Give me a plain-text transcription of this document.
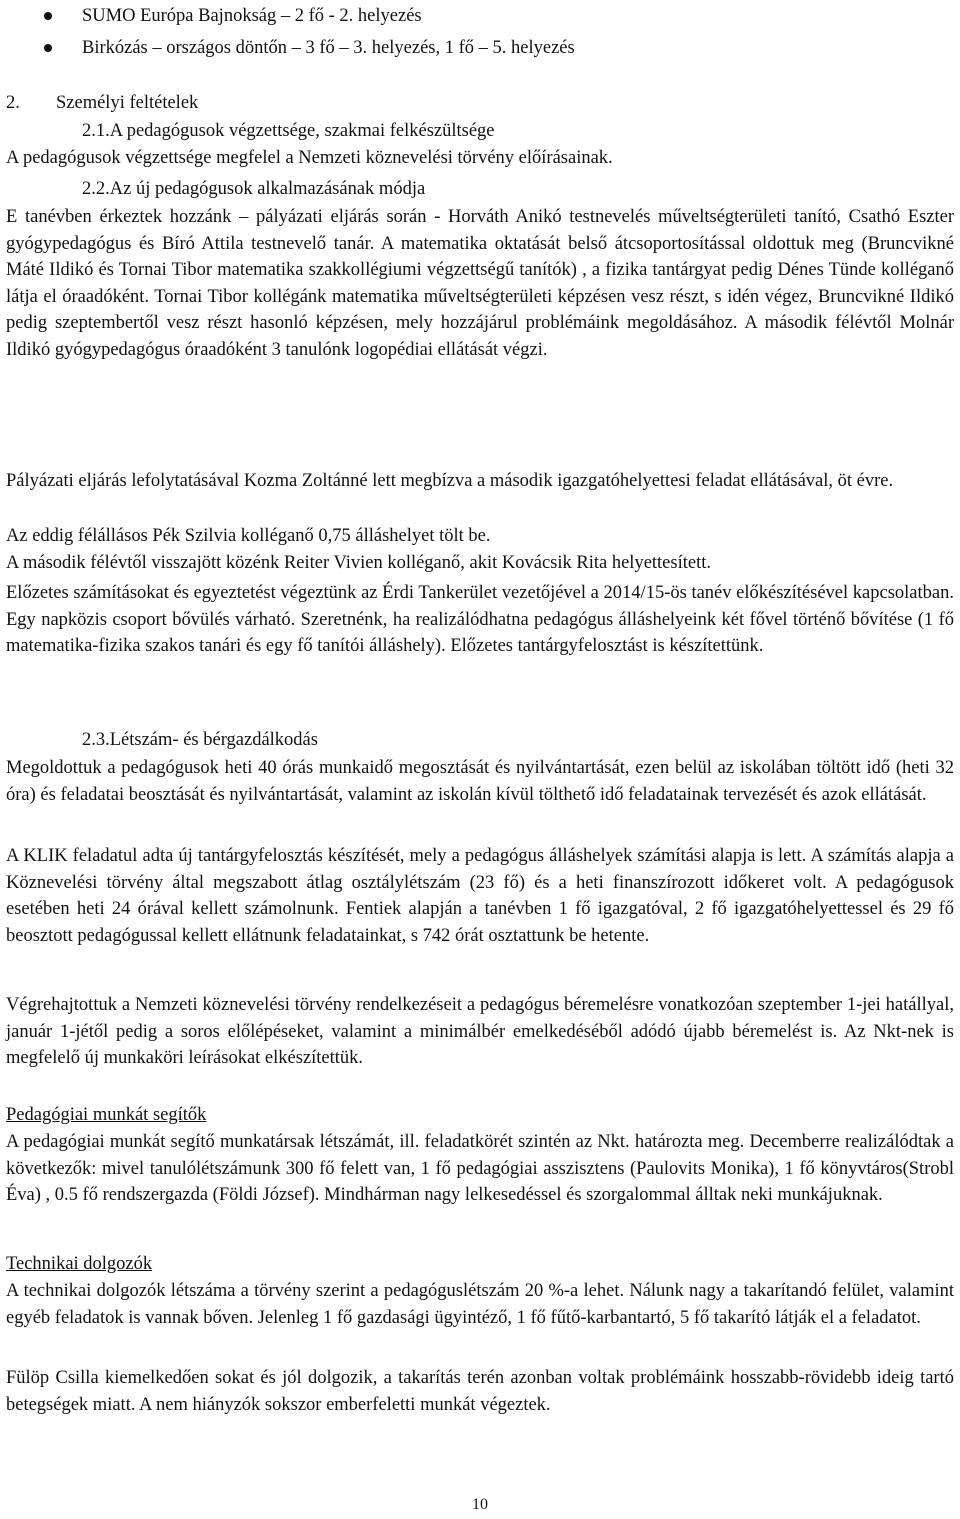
SUMO Európa Bajnokság – 2 fő - 2. helyezés
Birkózás – országos döntőn – 3 fő – 3. helyezés, 1 fő – 5. helyezés
2. Személyi feltételek
2.1.A pedagógusok végzettsége, szakmai felkészültsége
A pedagógusok végzettsége megfelel a Nemzeti köznevelési törvény előírásainak.
2.2.Az új pedagógusok alkalmazásának módja
E tanévben érkeztek hozzánk – pályázati eljárás során - Horváth Anikó testnevelés műveltségterületi tanító, Csathó Eszter gyógypedagógus és Bíró Attila testnevelő tanár. A matematika oktatását belső átcsoportosítással oldottuk meg (Bruncvikné Máté Ildikó és Tornai Tibor matematika szakkollégiumi végzettségű tanítók) , a fizika tantárgyat pedig Dénes Tünde kolléganő látja el óraadóként. Tornai Tibor kollégánk matematika műveltségterületi képzésen vesz részt, s idén végez, Bruncvikné Ildikó pedig szeptembertől vesz részt hasonló képzésen, mely hozzájárul problémáink megoldásához. A második félévtől Molnár Ildikó gyógypedagógus óraadóként 3 tanulónk logopédiai ellátását végzi.
Pályázati eljárás lefolytatásával Kozma Zoltánné lett megbízva a második igazgatóhelyettesi feladat ellátásával, öt évre.
Az eddig félállásos Pék Szilvia kolléganő 0,75 álláshelyet tölt be.
A második félévtől visszajött közénk Reiter Vivien kolléganő, akit Kovácsik Rita helyettesített.
Előzetes számításokat és egyeztetést végeztünk az Érdi Tankerület vezetőjével a 2014/15-ös tanév előkészítésével kapcsolatban. Egy napközis csoport bővülés várható. Szeretnénk, ha realizálódhatna pedagógus álláshelyeink két fővel történő bővítése (1 fő matematika-fizika szakos tanári és egy fő tanítói álláshely). Előzetes tantárgyfelosztást is készítettünk.
2.3.Létszám- és bérgazdálkodás
Megoldottuk a pedagógusok heti 40 órás munkaidő megosztását és nyilvántartását, ezen belül az iskolában töltött idő (heti 32 óra) és feladatai beosztását és nyilvántartását, valamint az iskolán kívül tölthető idő feladatainak tervezését és azok ellátását.
A KLIK feladatul adta új tantárgyfelosztás készítését, mely a pedagógus álláshelyek számítási alapja is lett. A számítás alapja a Köznevelési törvény által megszabott átlag osztálylétszám (23 fő) és a heti finanszírozott időkeret volt. A pedagógusok esetében heti 24 órával kellett számolnunk. Fentiek alapján a tanévben 1 fő igazgatóval, 2 fő igazgatóhelyettessel és 29 fő beosztott pedagógussal kellett ellátnunk feladatainkat, s 742 órát osztattunk be hetente.
Végrehajtottuk a Nemzeti köznevelési törvény rendelkezéseit a pedagógus béremelésre vonatkozóan szeptember 1-jei hatállyal, január 1-jétől pedig a soros előlépéseket, valamint a minimálbér emelkedéséből adódó újabb béremelést is. Az Nkt-nek is megfelelő új munkaköri leírásokat elkészítettük.
Pedagógiai munkát segítők
A pedagógiai munkát segítő munkatársak létszámát, ill. feladatkörét szintén az Nkt. határozta meg. Decemberre realizálódtak a következők: mivel tanulólétszámunk 300 fő felett van, 1 fő pedagógiai asszisztens (Paulovits Monika), 1 fő könyvtáros(Strobl Éva) , 0.5 fő rendszergazda (Földi József). Mindhárman nagy lelkesedéssel és szorgalommal álltak neki munkájuknak.
Technikai dolgozók
A technikai dolgozók létszáma a törvény szerint a pedagóguslétszám 20 %-a lehet. Nálunk nagy a takarítandó felület, valamint egyéb feladatok is vannak bőven. Jelenleg 1 fő gazdasági ügyintéző, 1 fő fűtő-karbantartó, 5 fő takarító látják el a feladatot.
Fülöp Csilla kiemelkedően sokat és jól dolgozik, a takarítás terén azonban voltak problémáink hosszabb-rövidebb ideig tartó betegségek miatt. A nem hiányzók sokszor emberfeletti munkát végeztek.
10
